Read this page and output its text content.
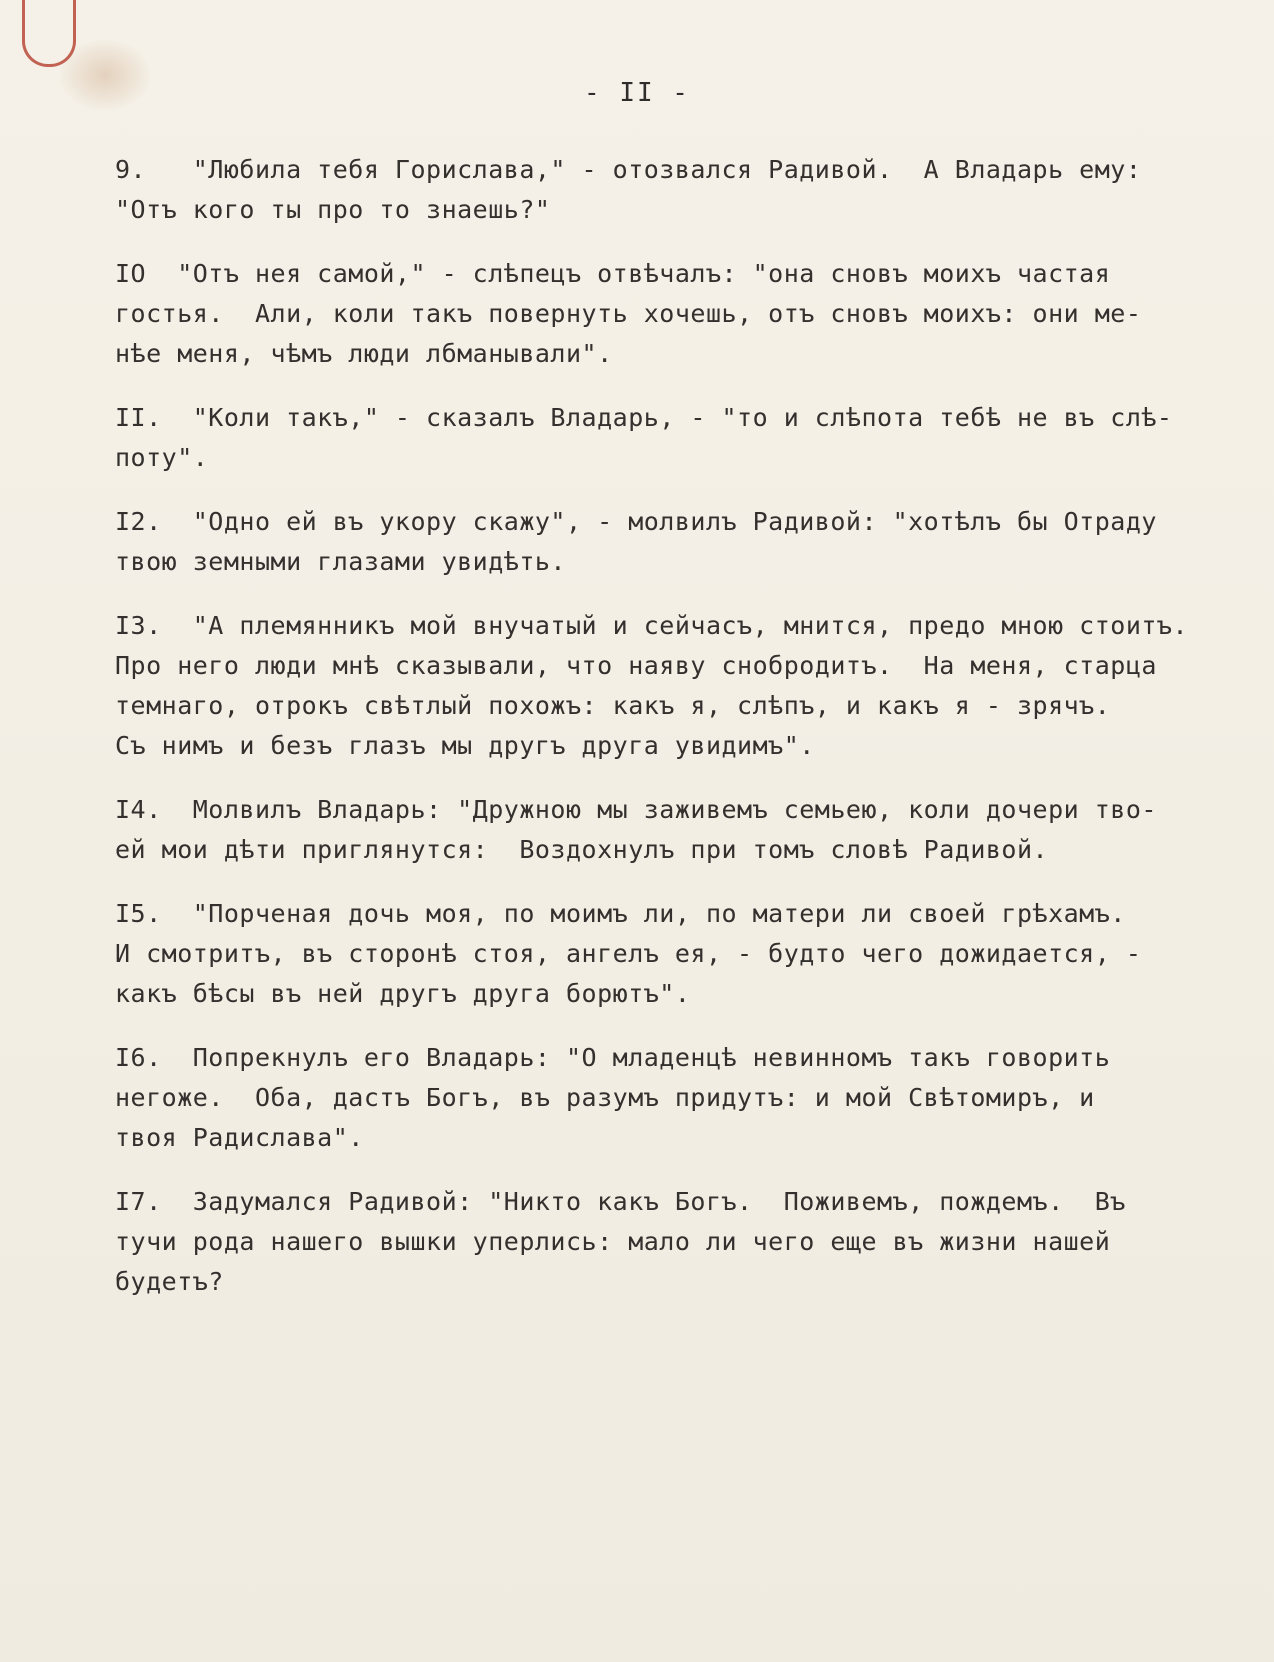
- II -
9.   "Любила тебя Горислава," - отозвался Радивой.  А Владарь ему:
"Отъ кого ты про то знаешь?"
IO  "Отъ нея самой," - слѣпецъ отвѣчалъ: "она сновъ моихъ частая
гостья.  Али, коли такъ повернуть хочешь, отъ сновъ моихъ: они ме-
нѣе меня, чѣмъ люди лбманывали".
II.  "Коли такъ," - сказалъ Владарь, - "то и слѣпота тебѣ не въ слѣ-
поту".
I2.  "Одно ей въ укору скажу", - молвилъ Радивой: "хотѣлъ бы Отраду
твою земными глазами увидѣть.
I3.  "А племянникъ мой внучатый и сейчасъ, мнится, предо мною стоитъ.
Про него люди мнѣ сказывали, что наяву снобродитъ.  На меня, старца
темнаго, отрокъ свѣтлый похожъ: какъ я, слѣпъ, и какъ я - зрячъ.
Съ нимъ и безъ глазъ мы другъ друга увидимъ".
I4.  Молвилъ Владарь: "Дружною мы заживемъ семьею, коли дочери тво-
ей мои дѣти приглянутся:  Воздохнулъ при томъ словѣ Радивой.
I5.  "Порченая дочь моя, по моимъ ли, по матери ли своей грѣхамъ.
И смотритъ, въ сторонѣ стоя, ангелъ ея, - будто чего дожидается, -
какъ бѣсы въ ней другъ друга борютъ".
I6.  Попрекнулъ его Владарь: "О младенцѣ невинномъ такъ говорить
негоже.  Оба, дастъ Богъ, въ разумъ придутъ: и мой Свѣтомиръ, и
твоя Радислава".
I7.  Задумался Радивой: "Никто какъ Богъ.  Поживемъ, пождемъ.  Въ
тучи рода нашего вышки уперлись: мало ли чего еще въ жизни нашей
будетъ?
